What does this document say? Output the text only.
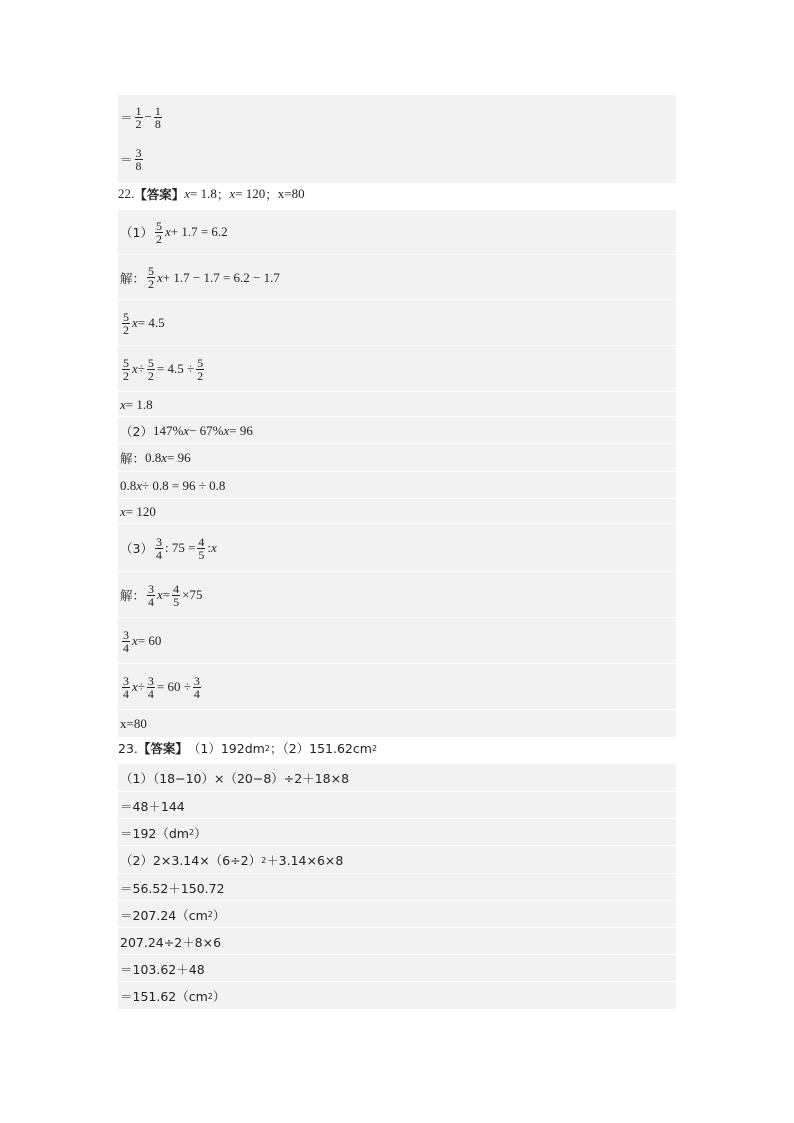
＝ $\frac{1}{2} - \frac{1}{8}$
＝ $\frac{3}{8}$
22. 【答案】 x = 1.8 ； x = 120 ； x=80
$(1) \frac{5}{2}$ x + 1.7 = 6.2
解： $\frac{5}{2}$ x + 1.7 − 1.7 = 6.2 − 1.7
$\frac{5}{2}$ x = 4.5
$\frac{5}{2}$ $x \div \frac{5}{2} = 4.5 \div \frac{5}{2}$
x = 1.8
（2） 147% x − 67% x = 96
解： 0.8 x = 96
0.8 x ÷ 0.8 = 96 ÷ 0.8
x = 120
$(3) \frac{3}{4}$ : $75 = \frac{4}{5}$ : x
解： $\frac{3}{4}$ $x = \frac{4}{5} \times 75$
$\frac{3}{4}$ x = 60
$\frac{3}{4}$ $x \div \frac{3}{4} = 60 \div \frac{3}{4}$
x=80
23. 【答案】 （1）192dm 2 ；（2）151.62cm 2
（1）（18−10）×（20−8）÷2＋18×8
＝48＋144
＝192（dm 2 ）
（2）2×3.14×（6÷2） 2 ＋3.14×6×8
＝56.52＋150.72
＝207.24（cm 2 ）
207.24÷2＋8×6
＝103.62＋48
＝151.62（cm 2 ）
